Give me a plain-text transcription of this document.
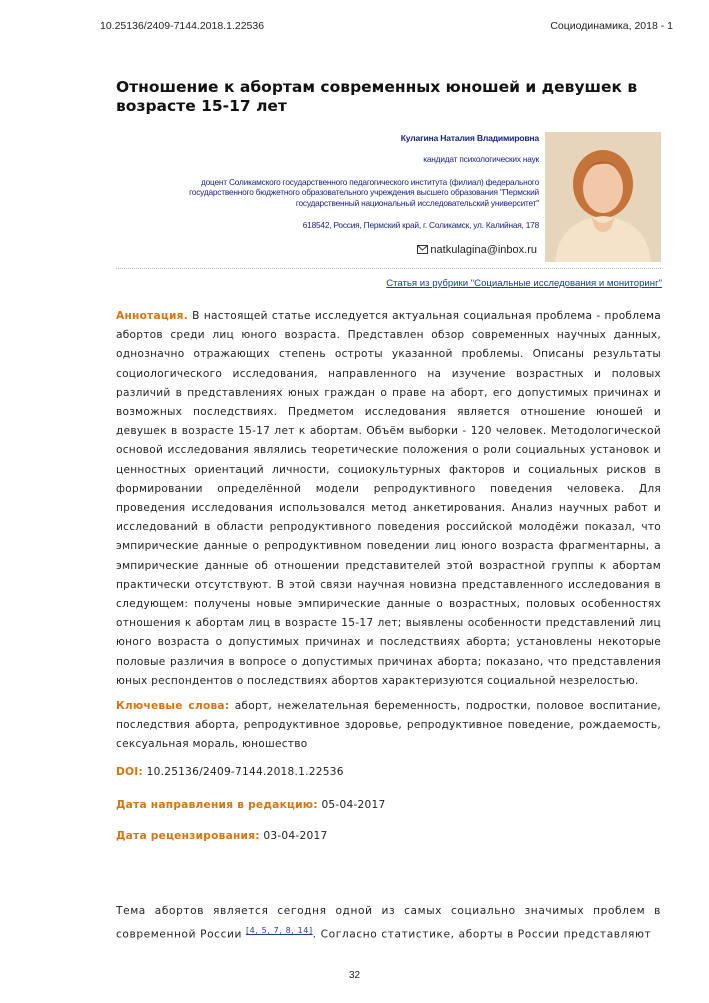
10.25136/2409-7144.2018.1.22536	Социодинамика, 2018 - 1
Отношение к абортам современных юношей и девушек в возрасте 15-17 лет
Кулагина Наталия Владимировна
кандидат психологических наук
доцент Соликамского государственного педагогического института (филиал) федерального государственного бюджетного образовательного учреждения высшего образования "Пермский государственный национальный исследовательский университет"
618542, Россия, Пермский край, г. Соликамск, ул. Калийная, 178
natkulagina@inbox.ru
Статья из рубрики "Социальные исследования и мониторинг"
Аннотация. В настоящей статье исследуется актуальная социальная проблема - проблема абортов среди лиц юного возраста. Представлен обзор современных научных данных, однозначно отражающих степень остроты указанной проблемы. Описаны результаты социологического исследования, направленного на изучение возрастных и половых различий в представлениях юных граждан о праве на аборт, его допустимых причинах и возможных последствиях. Предметом исследования является отношение юношей и девушек в возрасте 15-17 лет к абортам. Объём выборки - 120 человек. Методологической основой исследования являлись теоретические положения о роли социальных установок и ценностных ориентаций личности, социокультурных факторов и социальных рисков в формировании определённой модели репродуктивного поведения человека. Для проведения исследования использовался метод анкетирования. Анализ научных работ и исследований в области репродуктивного поведения российской молодёжи показал, что эмпирические данные о репродуктивном поведении лиц юного возраста фрагментарны, а эмпирические данные об отношении представителей этой возрастной группы к абортам практически отсутствуют. В этой связи научная новизна представленного исследования в следующем: получены новые эмпирические данные о возрастных, половых особенностях отношения к абортам лиц в возрасте 15-17 лет; выявлены особенности представлений лиц юного возраста о допустимых причинах и последствиях аборта; установлены некоторые половые различия в вопросе о допустимых причинах аборта; показано, что представления юных респондентов о последствиях абортов характеризуются социальной незрелостью.
Ключевые слова: аборт, нежелательная беременность, подростки, половое воспитание, последствия аборта, репродуктивное здоровье, репродуктивное поведение, рождаемость, сексуальная мораль, юношество
DOI: 10.25136/2409-7144.2018.1.22536
Дата направления в редакцию: 05-04-2017
Дата рецензирования: 03-04-2017
Тема абортов является сегодня одной из самых социально значимых проблем в современной России [4, 5, 7, 8, 14]. Согласно статистике, аборты в России представляют
32
